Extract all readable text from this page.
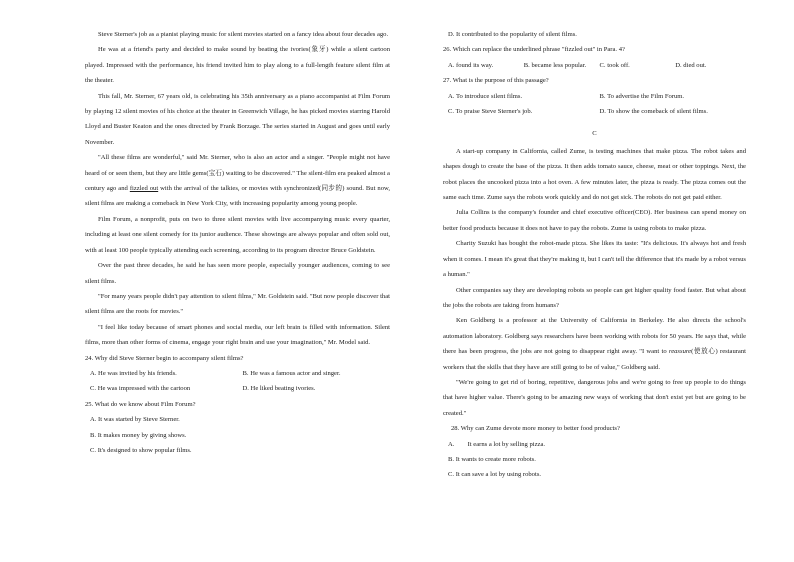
Steve Sterner's job as a pianist playing music for silent movies started on a fancy idea about four decades ago.

He was at a friend's party and decided to make sound by beating the ivories(象牙) while a silent cartoon played. Impressed with the performance, his friend invited him to play along to a full-length feature silent film at the theater.

This fall, Mr. Sterner, 67 years old, is celebrating his 35th anniversary as a piano accompanist at Film Forum by playing 12 silent movies of his choice at the theater in Greenwich Village, he has picked movies starring Harold Lloyd and Buster Keaton and the ones directed by Frank Borzage. The series started in August and goes until early November.

"All these films are wonderful," said Mr. Sterner, who is also an actor and a singer. "People might not have heard of or seen them, but they are little gems(宝石) waiting to be discovered." The silent-film era peaked almost a century ago and fizzled out with the arrival of the talkies, or movies with synchronized(同步的) sound. But now, silent films are making a comeback in New York City, with increasing popularity among young people.

Film Forum, a nonprofit, puts on two to three silent movies with live accompanying music every quarter, including at least one silent comedy for its junior audience. These showings are always popular and often sold out, with at least 100 people typically attending each screening, according to its program director Bruce Goldstein.

Over the past three decades, he said he has seen more people, especially younger audiences, coming to see silent films.

"For many years people didn't pay attention to silent films," Mr. Goldstein said. "But now people discover that silent films are the roots for movies."

"I feel like today because of smart phones and social media, our left brain is filled with information. Silent films, more than other forms of cinema, engage your right brain and use your imagination," Mr. Model said.

24. Why did Steve Sterner begin to accompany silent films?

A. He was invited by his friends.	B. He was a famous actor and singer.
C. He was impressed with the cartoon	D. He liked beating ivories.

25. What do we know about Film Forum?

A. It was started by Steve Sterner.
B. It makes money by giving shows.
C. It's designed to show popular films.
D. It contributed to the popularity of silent films.

26. Which can replace the underlined phrase "fizzled out" in Para. 4?

A. found its way.	B. became less popular.	C. took off.	D. died out.

27. What is the purpose of this passage?

A. To introduce silent films.	B. To advertise the Film Forum.
C. To praise Steve Sterner's job.	D. To show the comeback of silent films.
C

A start-up company in California, called Zume, is testing machines that make pizza. The robot takes and shapes dough to create the base of the pizza. It then adds tomato sauce, cheese, meat or other toppings. Next, the robot places the uncooked pizza into a hot oven. A few minutes later, the pizza is ready. The pizza comes out the same each time. Zume says the robots work quickly and do not get sick. The robots do not get paid either.

Julia Collins is the company's founder and chief executive officer(CEO). Her business can spend money on better food products because it does not have to pay the robots. Zume is using robots to make pizza.

Charity Suzuki has bought the robot-made pizza. She likes its taste: "It's delicious. It's always hot and fresh when it comes. I mean it's great that they're making it, but I can't tell the difference that it's made by a robot versus a human."

Other companies say they are developing robots so people can get higher quality food faster. But what about the jobs the robots are taking from humans?

Ken Goldberg is a professor at the University of California in Berkeley. He also directs the school's automation laboratory. Goldberg says researchers have been working with robots for 50 years. He says that, while there has been progress, the jobs are not going to disappear right away. "I want to reassure(使放心) restaurant workers that the skills that they have are still going to be of value," Goldberg said.

"We're going to get rid of boring, repetitive, dangerous jobs and we're going to free up people to do things that have higher value. There's going to be amazing new ways of working that don't exist yet but are going to be created."

28. Why can Zume devote more money to better food products?

A.        It earns a lot by selling pizza.
B. It wants to create more robots.
C. It can save a lot by using robots.
